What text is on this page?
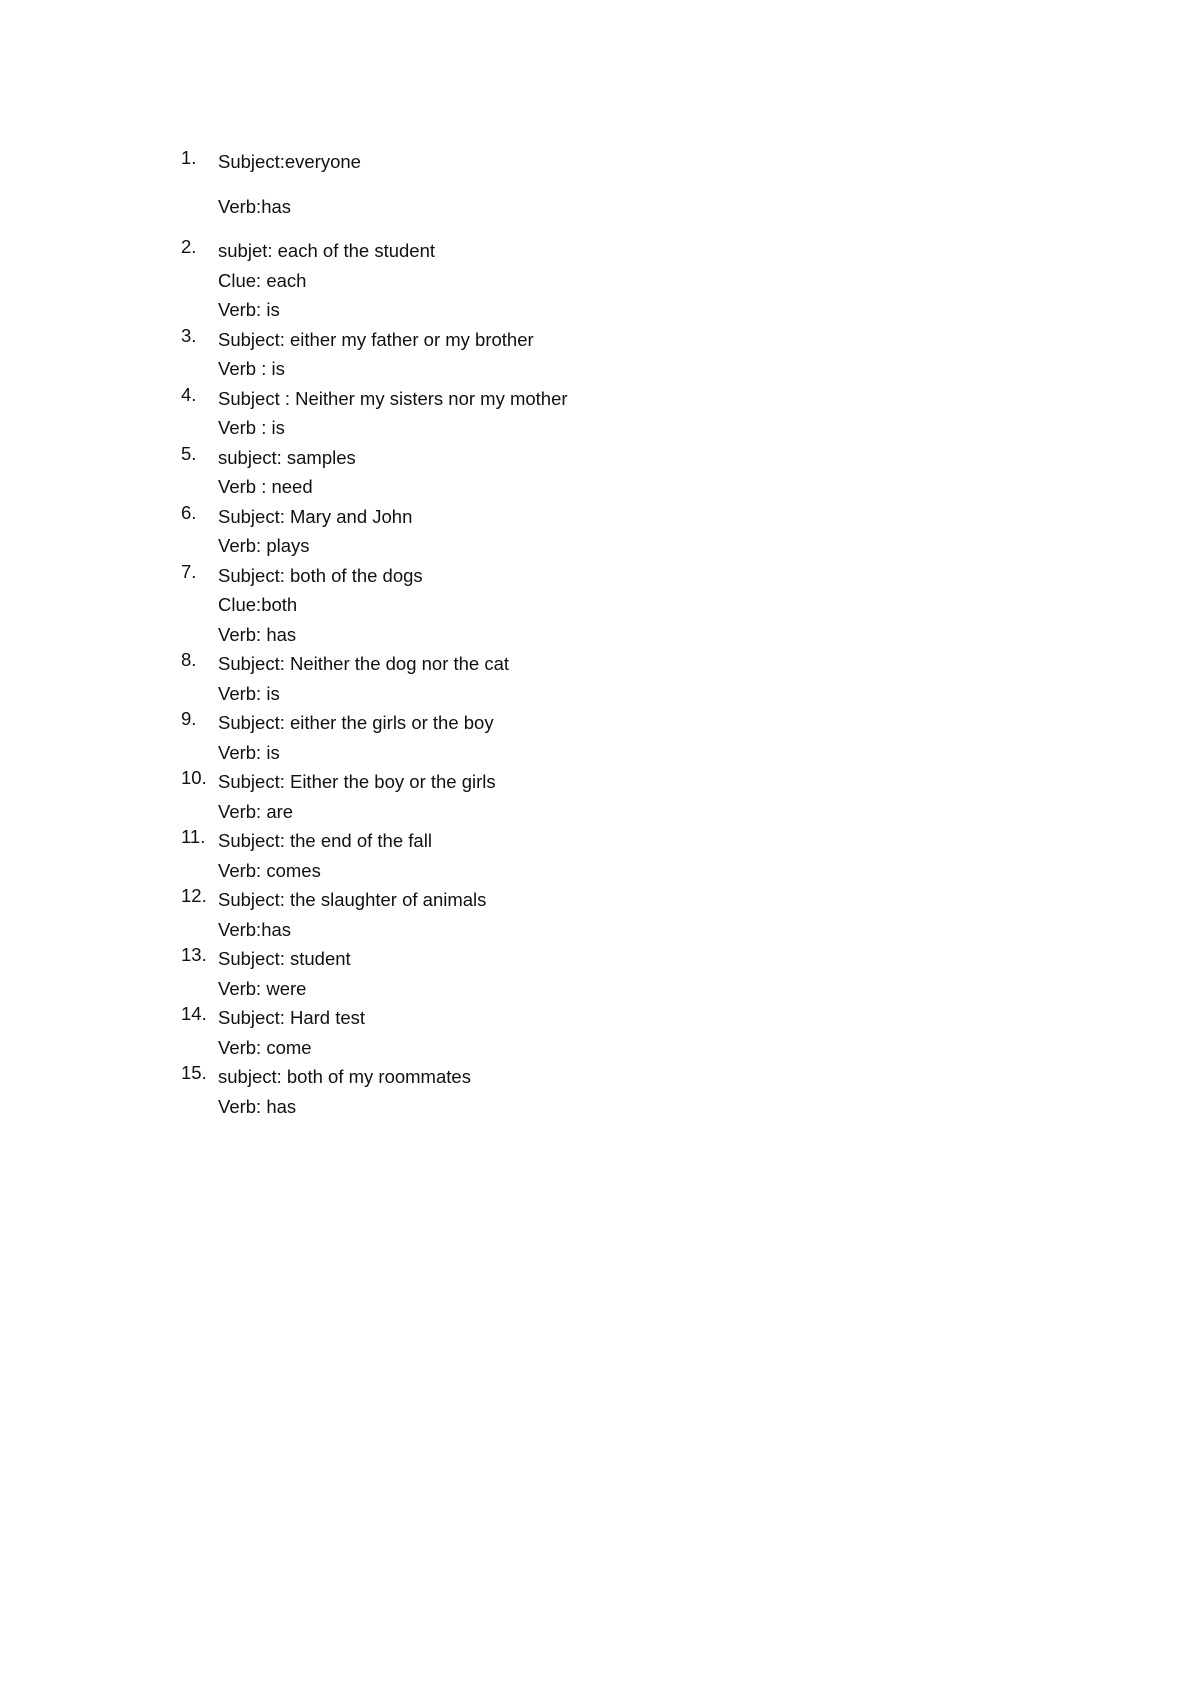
1. Subject:everyone
Verb:has
2. subjet: each of the student
Clue: each
Verb: is
3. Subject: either my father or my brother
Verb : is
4. Subject : Neither my sisters nor my mother
Verb : is
5. subject: samples
Verb : need
6. Subject: Mary and John
Verb: plays
7. Subject: both of the dogs
Clue:both
Verb: has
8. Subject: Neither the dog nor the cat
Verb: is
9. Subject: either the girls or the boy
Verb: is
10. Subject: Either the boy or the girls
Verb: are
11. Subject: the end of the fall
Verb: comes
12. Subject: the slaughter of animals
Verb:has
13. Subject: student
Verb: were
14. Subject: Hard test
Verb: come
15. subject: both of my roommates
Verb: has
